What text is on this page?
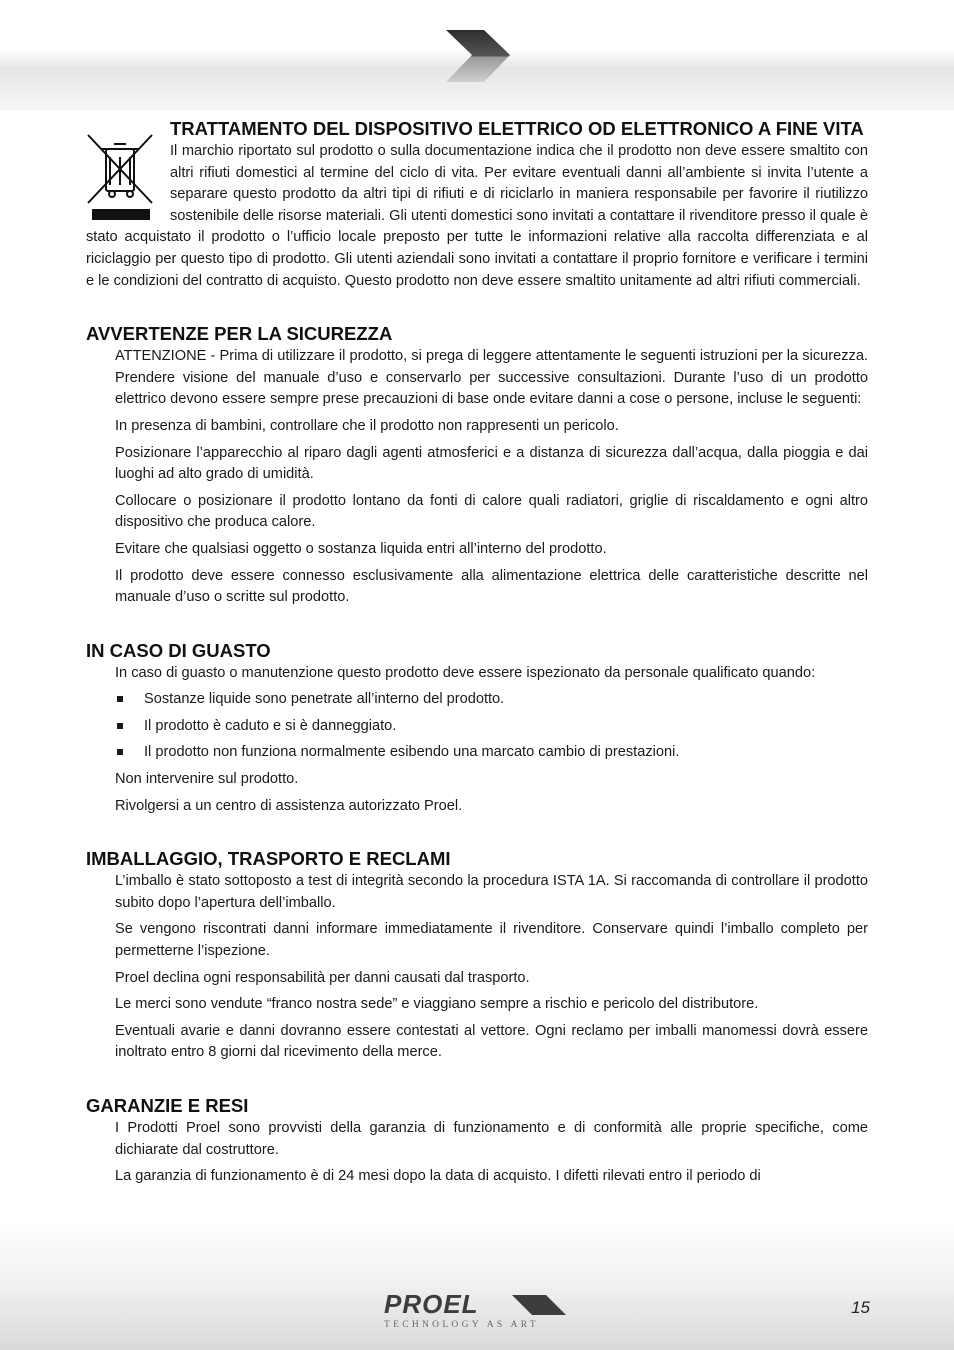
TRATTAMENTO DEL DISPOSITIVO ELETTRICO OD ELETTRONICO A FINE VITA

Il marchio riportato sul prodotto o sulla documentazione indica che il prodotto non deve essere smaltito con altri rifiuti domestici al termine del ciclo di vita. Per evitare eventuali danni all’ambiente si invita l’utente a separare questo prodotto da altri tipi di rifiuti e di riciclarlo in maniera responsabile per favorire il riutilizzo sostenibile delle risorse materiali. Gli utenti domestici sono invitati a contattare il rivenditore presso il quale è stato acquistato il prodotto o l’ufficio locale preposto per tutte le informazioni relative alla raccolta differenziata e al riciclaggio per questo tipo di prodotto. Gli utenti aziendali sono invitati a contattare il proprio fornitore e verificare i termini e le condizioni del contratto di acquisto. Questo prodotto non deve essere smaltito unitamente ad altri rifiuti commerciali.

AVVERTENZE PER LA SICUREZZA

ATTENZIONE - Prima di utilizzare il prodotto, si prega di leggere attentamente le seguenti istruzioni per la sicurezza. Prendere visione del manuale d’uso e conservarlo per successive consultazioni. Durante l’uso di un prodotto elettrico devono essere sempre prese precauzioni di base onde evitare danni a cose o persone, incluse le seguenti:

In presenza di bambini, controllare che il prodotto non rappresenti un pericolo.

Posizionare l’apparecchio al riparo dagli agenti atmosferici e a distanza di sicurezza dall’acqua, dalla pioggia e dai luoghi ad alto grado di umidità.

Collocare o posizionare il prodotto lontano da fonti di calore quali radiatori, griglie di riscaldamento e ogni altro dispositivo che produca calore.

Evitare che qualsiasi oggetto o sostanza liquida entri all’interno del prodotto.

Il prodotto deve essere connesso esclusivamente alla alimentazione elettrica delle caratteristiche descritte nel manuale d’uso o scritte sul prodotto.

IN CASO DI GUASTO

In caso di guasto o manutenzione questo prodotto deve essere ispezionato da personale qualificato quando:

Sostanze liquide sono penetrate all’interno del prodotto.
Il prodotto è caduto e si è danneggiato.
Il prodotto non funziona normalmente esibendo una marcato cambio di prestazioni.

Non intervenire sul prodotto.

Rivolgersi a un centro di assistenza autorizzato Proel.

IMBALLAGGIO, TRASPORTO E RECLAMI

L’imballo è stato sottoposto a test di integrità secondo la procedura ISTA 1A. Si raccomanda di controllare il prodotto subito dopo l’apertura dell’imballo.

Se vengono riscontrati danni informare immediatamente il rivenditore. Conservare quindi l’imballo completo per permetterne l’ispezione.

Proel declina ogni responsabilità per danni causati dal trasporto.

Le merci sono vendute “franco nostra sede” e viaggiano sempre a rischio e pericolo del distributore.

Eventuali avarie e danni dovranno essere contestati al vettore. Ogni reclamo per imballi manomessi dovrà essere inoltrato entro 8 giorni dal ricevimento della merce.

GARANZIE E RESI

I Prodotti Proel sono provvisti della garanzia di funzionamento e di conformità alle proprie specifiche, come dichiarate dal costruttore.

La garanzia di funzionamento è di 24 mesi dopo la data di acquisto. I difetti rilevati entro il periodo di

PROEL
TECHNOLOGY AS ART
15
